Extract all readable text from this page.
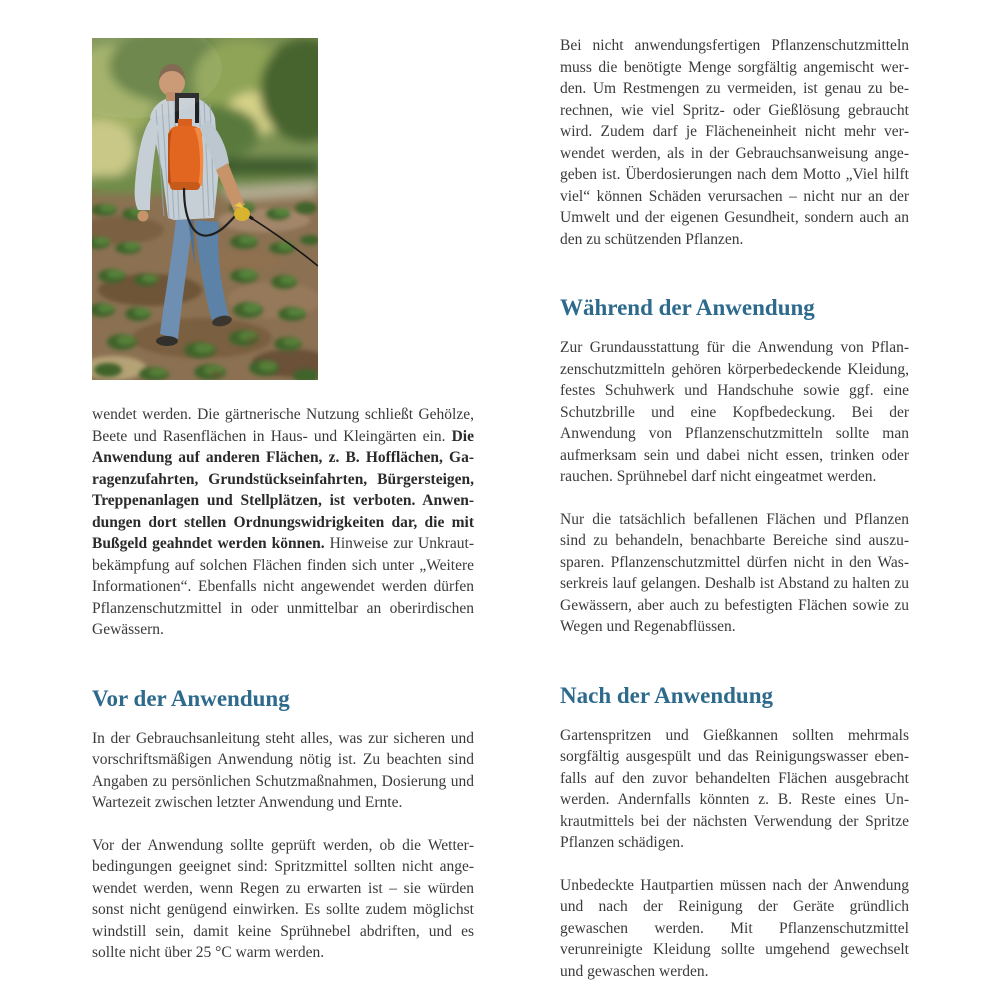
wendet werden. Die gärtnerische Nutzung schließt Gehölze, Beete und Rasenflächen in Haus- und Kleingärten ein. Die Anwendung auf anderen Flächen, z. B. Hofflächen, Garagenzufahrten, Grundstückseinfahrten, Bürgersteigen, Treppenanlagen und Stellplätzen, ist verboten. Anwendungen dort stellen Ordnungswidrigkeiten dar, die mit Bußgeld geahndet werden können. Hinweise zur Unkrautbekämpfung auf solchen Flächen finden sich unter „Weitere Informationen“. Ebenfalls nicht angewendet werden dürfen Pflanzenschutzmittel in oder unmittelbar an oberirdischen Gewässern.

Vor der Anwendung

In der Gebrauchsanleitung steht alles, was zur sicheren und vorschriftsmäßigen Anwendung nötig ist. Zu beachten sind Angaben zu persönlichen Schutzmaßnahmen, Dosierung und Wartezeit zwischen letzter Anwendung und Ernte.

Vor der Anwendung sollte geprüft werden, ob die Wetterbedingungen geeignet sind: Spritzmittel sollten nicht angewendet werden, wenn Regen zu erwarten ist – sie würden sonst nicht genügend einwirken. Es sollte zudem möglichst windstill sein, damit keine Sprühnebel abdriften, und es sollte nicht über 25 °C warm werden.

Bei nicht anwendungsfertigen Pflanzenschutzmitteln muss die benötigte Menge sorgfältig angemischt werden. Um Restmengen zu vermeiden, ist genau zu berechnen, wie viel Spritz- oder Gießlösung gebraucht wird. Zudem darf je Flächeneinheit nicht mehr verwendet werden, als in der Gebrauchsanweisung angegeben ist. Überdosierungen nach dem Motto „Viel hilft viel“ können Schäden verursachen – nicht nur an der Umwelt und der eigenen Gesundheit, sondern auch an den zu schützenden Pflanzen.

Während der Anwendung

Zur Grundausstattung für die Anwendung von Pflanzenschutzmitteln gehören körperbedeckende Kleidung, festes Schuhwerk und Handschuhe sowie ggf. eine Schutzbrille und eine Kopfbedeckung. Bei der Anwendung von Pflanzenschutzmitteln sollte man aufmerksam sein und dabei nicht essen, trinken oder rauchen. Sprühnebel darf nicht eingeatmet werden.

Nur die tatsächlich befallenen Flächen und Pflanzen sind zu behandeln, benachbarte Bereiche sind auszusparen. Pflanzenschutzmittel dürfen nicht in den Wasserkreis lauf gelangen. Deshalb ist Abstand zu halten zu Gewässern, aber auch zu befestigten Flächen sowie zu Wegen und Regenabflüssen.

Nach der Anwendung

Gartenspritzen und Gießkannen sollten mehrmals sorgfältig ausgespült und das Reinigungswasser ebenfalls auf den zuvor behandelten Flächen ausgebracht werden. Andernfalls könnten z. B. Reste eines Unkrautmittels bei der nächsten Verwendung der Spritze Pflanzen schädigen.

Unbedeckte Hautpartien müssen nach der Anwendung und nach der Reinigung der Geräte gründlich gewaschen werden. Mit Pflanzenschutzmittel verunreinigte Kleidung sollte umgehend gewechselt und gewaschen werden.
